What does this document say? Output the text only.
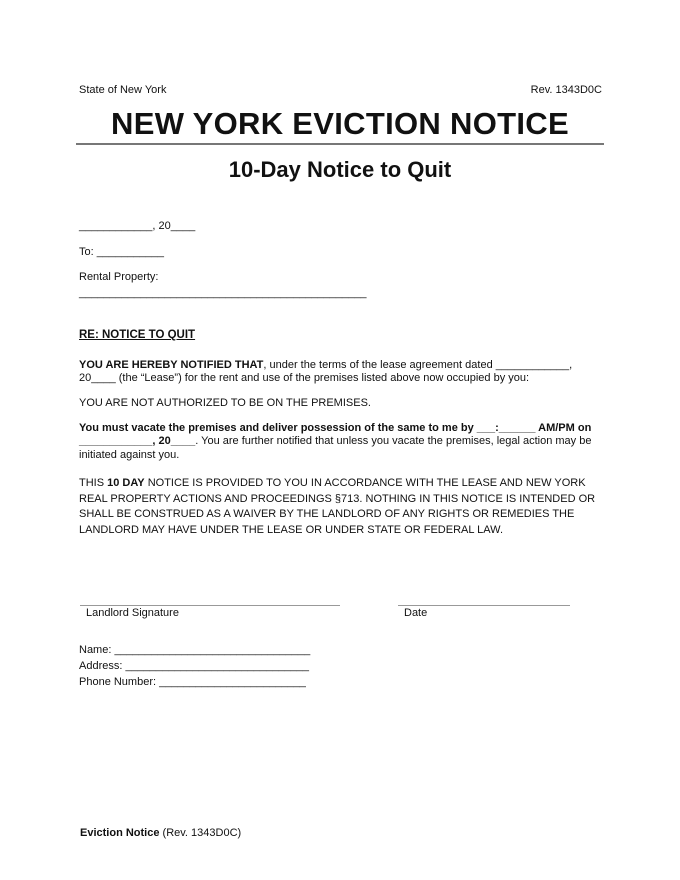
State of New York	Rev. 1343D0C
NEW YORK EVICTION NOTICE
10-Day Notice to Quit
____________, 20____
To: ___________
Rental Property:
_______________________________________________
RE: NOTICE TO QUIT
YOU ARE HEREBY NOTIFIED THAT, under the terms of the lease agreement dated ____________, 20____ (the “Lease”) for the rent and use of the premises listed above now occupied by you:
YOU ARE NOT AUTHORIZED TO BE ON THE PREMISES.
You must vacate the premises and deliver possession of the same to me by ___:______ AM/PM on ____________, 20____. You are further notified that unless you vacate the premises, legal action may be initiated against you.
THIS 10 DAY NOTICE IS PROVIDED TO YOU IN ACCORDANCE WITH THE LEASE AND NEW YORK REAL PROPERTY ACTIONS AND PROCEEDINGS §713. NOTHING IN THIS NOTICE IS INTENDED OR SHALL BE CONSTRUED AS A WAIVER BY THE LANDLORD OF ANY RIGHTS OR REMEDIES THE LANDLORD MAY HAVE UNDER THE LEASE OR UNDER STATE OR FEDERAL LAW.
Landlord Signature	Date
Name: ________________________________
Address: ______________________________
Phone Number: ________________________
Eviction Notice (Rev. 1343D0C)
